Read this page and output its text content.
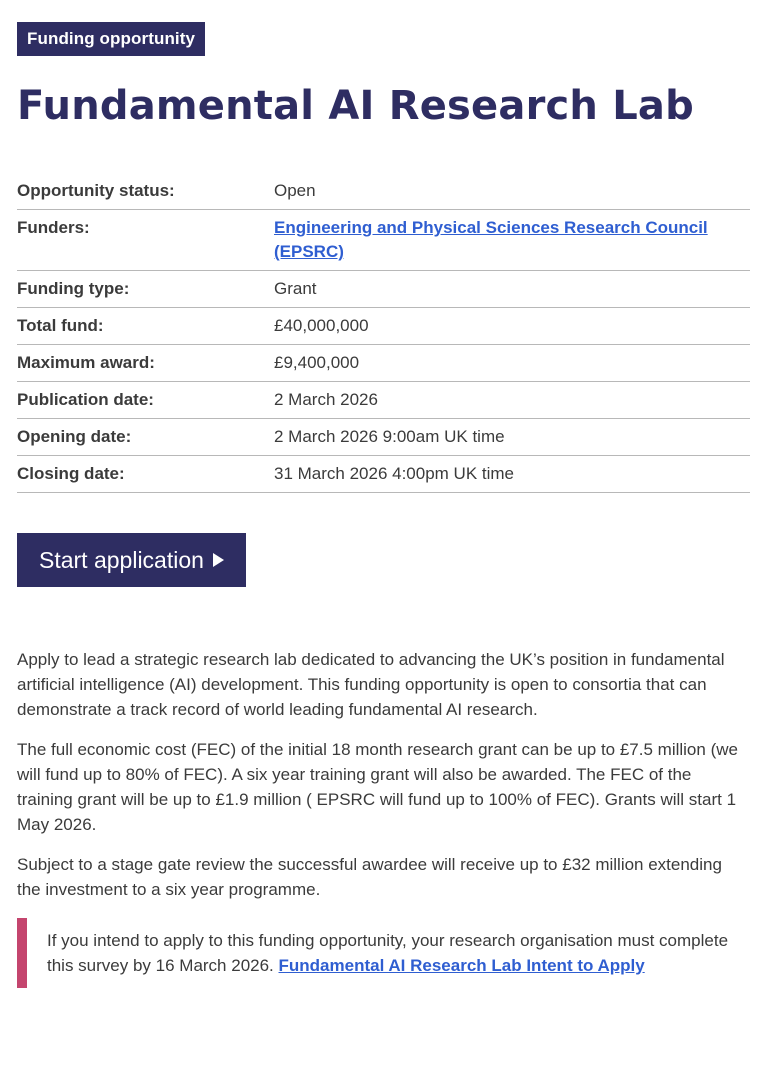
Funding opportunity
Fundamental AI Research Lab
Opportunity status:	Open
Funders:	Engineering and Physical Sciences Research Council (EPSRC)
Funding type:	Grant
Total fund:	£40,000,000
Maximum award:	£9,400,000
Publication date:	2 March 2026
Opening date:	2 March 2026 9:00am UK time
Closing date:	31 March 2026 4:00pm UK time
Start application

Apply to lead a strategic research lab dedicated to advancing the UK’s position in fundamental artificial intelligence (AI) development. This funding opportunity is open to consortia that can demonstrate a track record of world leading fundamental AI research.

The full economic cost (FEC) of the initial 18 month research grant can be up to £7.5 million (we will fund up to 80% of FEC). A six year training grant will also be awarded. The FEC of the training grant will be up to £1.9 million ( EPSRC will fund up to 100% of FEC). Grants will start 1 May 2026.

Subject to a stage gate review the successful awardee will receive up to £32 million extending the investment to a six year programme.

If you intend to apply to this funding opportunity, your research organisation must complete this survey by 16 March 2026. Fundamental AI Research Lab Intent to Apply
